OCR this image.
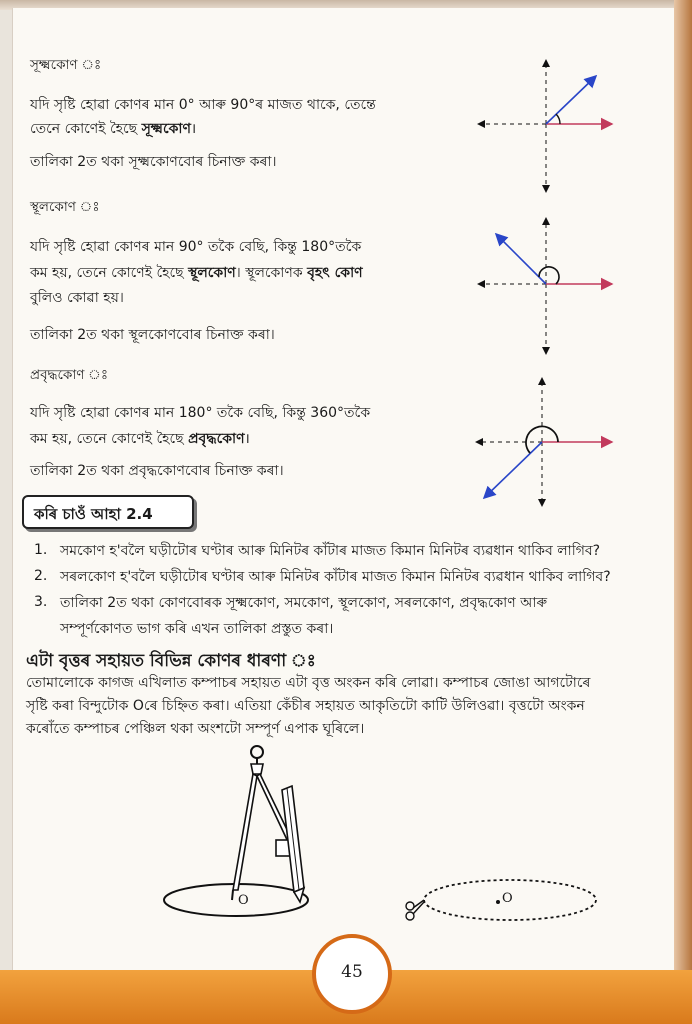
সূক্ষ্মকোণ ঃ
যদি সৃষ্টি হোৱা কোণৰ মান 0° আৰু 90°ৰ মাজত থাকে, তেন্তে
তেনে কোণেই হৈছে সূক্ষ্মকোণ।
তালিকা 2ত থকা সূক্ষ্মকোণবোৰ চিনাক্ত কৰা।
স্থূলকোণ ঃ
যদি সৃষ্টি হোৱা কোণৰ মান 90° তকৈ বেছি, কিন্তু 180°তকৈ
কম হয়, তেনে কোণেই হৈছে স্থূলকোণ। স্থূলকোণক বৃহৎ কোণ
বুলিও কোৱা হয়।
তালিকা 2ত থকা স্থূলকোণবোৰ চিনাক্ত কৰা।
প্ৰবৃদ্ধকোণ ঃ
যদি সৃষ্টি হোৱা কোণৰ মান 180° তকৈ বেছি, কিন্তু 360°তকৈ
কম হয়, তেনে কোণেই হৈছে প্ৰবৃদ্ধকোণ।
তালিকা 2ত থকা প্ৰবৃদ্ধকোণবোৰ চিনাক্ত কৰা।
কৰি চাওঁ আহা 2.4
1. সমকোণ হ'বলৈ ঘড়ীটোৰ ঘণ্টাৰ আৰু মিনিটৰ কাঁটাৰ মাজত কিমান মিনিটৰ ব্যৱধান থাকিব লাগিব?
2. সৰলকোণ হ'বলৈ ঘড়ীটোৰ ঘণ্টাৰ আৰু মিনিটৰ কাঁটাৰ মাজত কিমান মিনিটৰ ব্যৱধান থাকিব লাগিব?
3. তালিকা 2ত থকা কোণবোৰক সূক্ষ্মকোণ, সমকোণ, স্থূলকোণ, সৰলকোণ, প্ৰবৃদ্ধকোণ আৰু
সম্পূৰ্ণকোণত ভাগ কৰি এখন তালিকা প্ৰস্তুত কৰা।
এটা বৃত্তৰ সহায়ত বিভিন্ন কোণৰ ধাৰণা ঃ
তোমালোকে কাগজ এখিলাত কম্পাচৰ সহায়ত এটা বৃত্ত অংকন কৰি লোৱা। কম্পাচৰ জোঙা আগটোৰে
সৃষ্টি কৰা বিন্দুটোক Oৰে চিহ্নিত কৰা। এতিয়া কেঁচীৰ সহায়ত আকৃতিটো কাটি উলিওৱা। বৃত্তটো অংকন
কৰোঁতে কম্পাচৰ পেঞ্চিল থকা অংশটো সম্পূৰ্ণ এপাক ঘূৰিলে।
O	O
45
